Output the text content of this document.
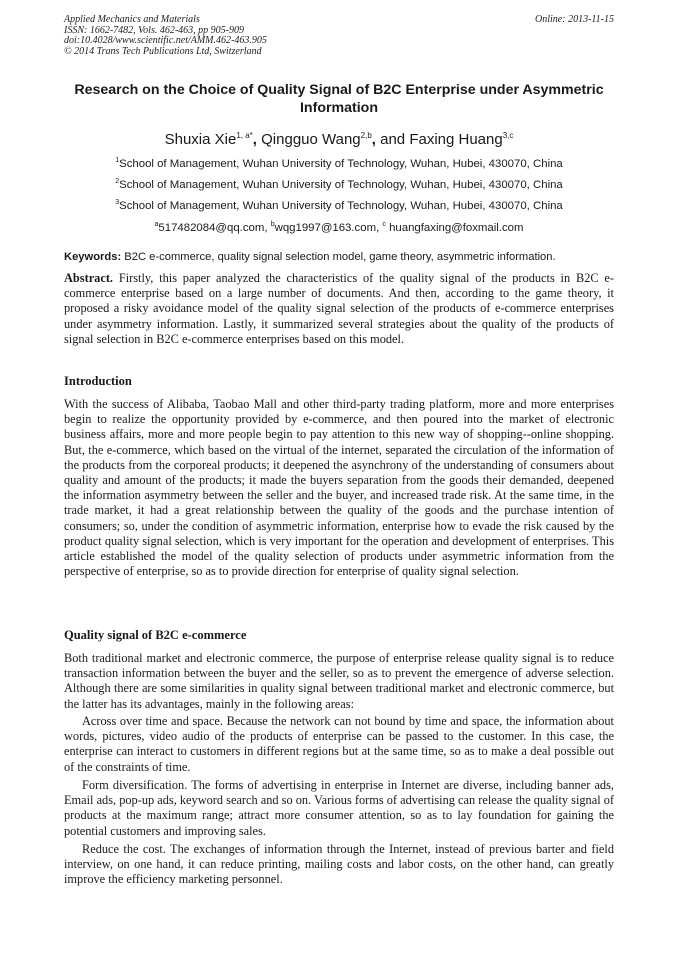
Applied Mechanics and Materials
ISSN: 1662-7482, Vols. 462-463, pp 905-909
doi:10.4028/www.scientific.net/AMM.462-463.905
© 2014 Trans Tech Publications Ltd, Switzerland
Online: 2013-11-15
Research on the Choice of Quality Signal of B2C Enterprise under Asymmetric Information
Shuxia Xie$^{1, a*}$, Qingguo Wang$^{2,b}$, and Faxing Huang$^{3,c}$
$^1$School of Management, Wuhan University of Technology, Wuhan, Hubei, 430070, China
$^2$School of Management, Wuhan University of Technology, Wuhan, Hubei, 430070, China
$^3$School of Management, Wuhan University of Technology, Wuhan, Hubei, 430070, China
$^a$517482084@qq.com, $^b$wqg1997@163.com, $^c$ huangfaxing@foxmail.com
Keywords: B2C e-commerce, quality signal selection model, game theory, asymmetric information.
Abstract. Firstly, this paper analyzed the characteristics of the quality signal of the products in B2C e-commerce enterprise based on a large number of documents. And then, according to the game theory, it proposed a risky avoidance model of the quality signal selection of the products of e-commerce enterprises under asymmetry information. Lastly, it summarized several strategies about the quality of the products of signal selection in B2C e-commerce enterprises based on this model.
Introduction
With the success of Alibaba, Taobao Mall and other third-party trading platform, more and more enterprises begin to realize the opportunity provided by e-commerce, and then poured into the market of electronic business affairs, more and more people begin to pay attention to this new way of shopping--online shopping. But, the e-commerce, which based on the virtual of the internet, separated the circulation of the information of the products from the corporeal products; it deepened the asynchrony of the understanding of consumers about quality and amount of the products; it made the buyers separation from the goods their demanded, deepened the information asymmetry between the seller and the buyer, and increased trade risk. At the same time, in the trade market, it had a great relationship between the quality of the goods and the purchase intention of consumers; so, under the condition of asymmetric information, enterprise how to evade the risk caused by the product quality signal selection, which is very important for the operation and development of enterprises. This article established the model of the quality selection of products under asymmetric information from the perspective of enterprise, so as to provide direction for enterprise of quality signal selection.
Quality signal of B2C e-commerce
Both traditional market and electronic commerce, the purpose of enterprise release quality signal is to reduce transaction information between the buyer and the seller, so as to prevent the emergence of adverse selection. Although there are some similarities in quality signal between traditional market and electronic commerce, but the latter has its advantages, mainly in the following areas:
Across over time and space. Because the network can not bound by time and space, the information about words, pictures, video audio of the products of enterprise can be passed to the customer. In this case, the enterprise can interact to customers in different regions but at the same time, so as to make a deal possible out of the constraints of time.
Form diversification. The forms of advertising in enterprise in Internet are diverse, including banner ads, Email ads, pop-up ads, keyword search and so on. Various forms of advertising can release the quality signal of products at the maximum range; attract more consumer attention, so as to lay foundation for gaining the potential customers and improving sales.
Reduce the cost. The exchanges of information through the Internet, instead of previous barter and field interview, on one hand, it can reduce printing, mailing costs and labor costs, on the other hand, can greatly improve the efficiency marketing personnel.
